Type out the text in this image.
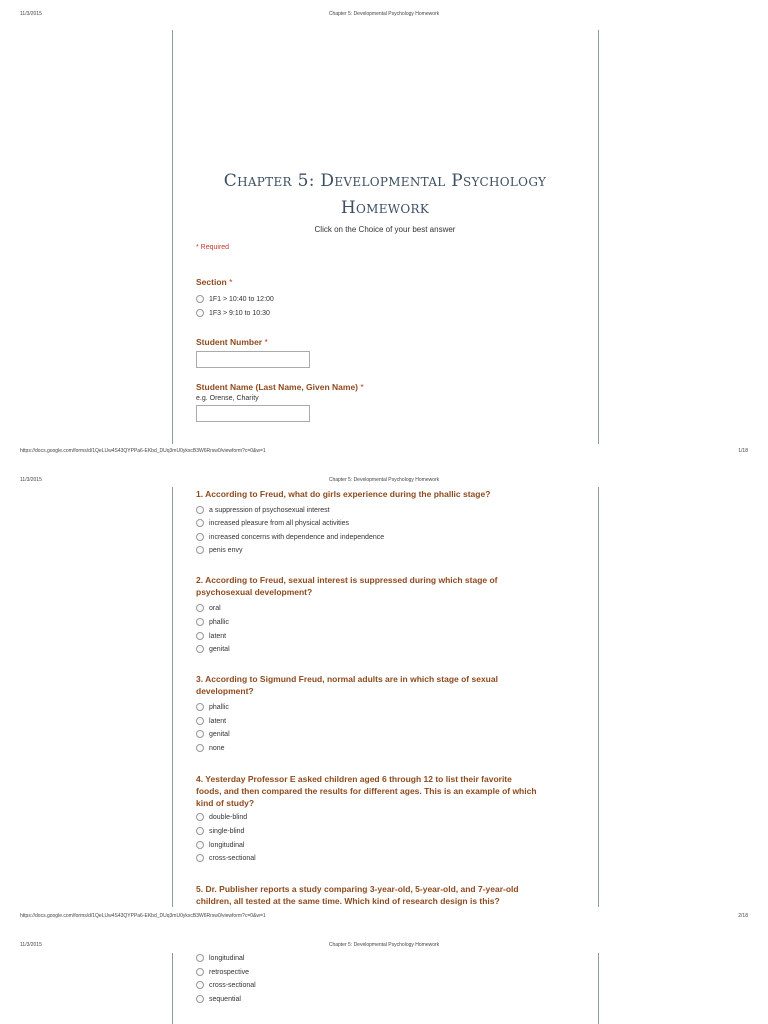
11/3/2015	Chapter 5: Developmental Psychology Homework
Chapter 5: Developmental Psychology
Homework
Click on the Choice of your best answer
* Required
Section *
1F1 > 10:40 to 12:00
1F3 > 9:10 to 10:30
Student Number *
Student Name (Last Name, Given Name) *
e.g. Orense, Charity
https://docs.google.com/forms/d/1QeLUw4S43QYPPa6-EKbd_DUq3mU0ykxcB3W6Rrsw0/viewform?c=0&w=1	1/18
11/3/2015	Chapter 5: Developmental Psychology Homework
1. According to Freud, what do girls experience during the phallic stage?
a suppression of psychosexual interest
increased pleasure from all physical activities
increased concerns with dependence and independence
penis envy
2. According to Freud, sexual interest is suppressed during which stage of
psychosexual development?
oral
phallic
latent
genital
3. According to Sigmund Freud, normal adults are in which stage of sexual
development?
phallic
latent
genital
none
4. Yesterday Professor E asked children aged 6 through 12 to list their favorite
foods, and then compared the results for different ages. This is an example of which
kind of study?
double-blind
single-blind
longitudinal
cross-sectional
5. Dr. Publisher reports a study comparing 3-year-old, 5-year-old, and 7-year-old
children, all tested at the same time. Which kind of research design is this?
https://docs.google.com/forms/d/1QeLUw4S43QYPPa6-EKbd_DUq3mU0ykxcB3W6Rrsw0/viewform?c=0&w=1	2/18
11/3/2015	Chapter 5: Developmental Psychology Homework
longitudinal
retrospective
cross-sectional
sequential
